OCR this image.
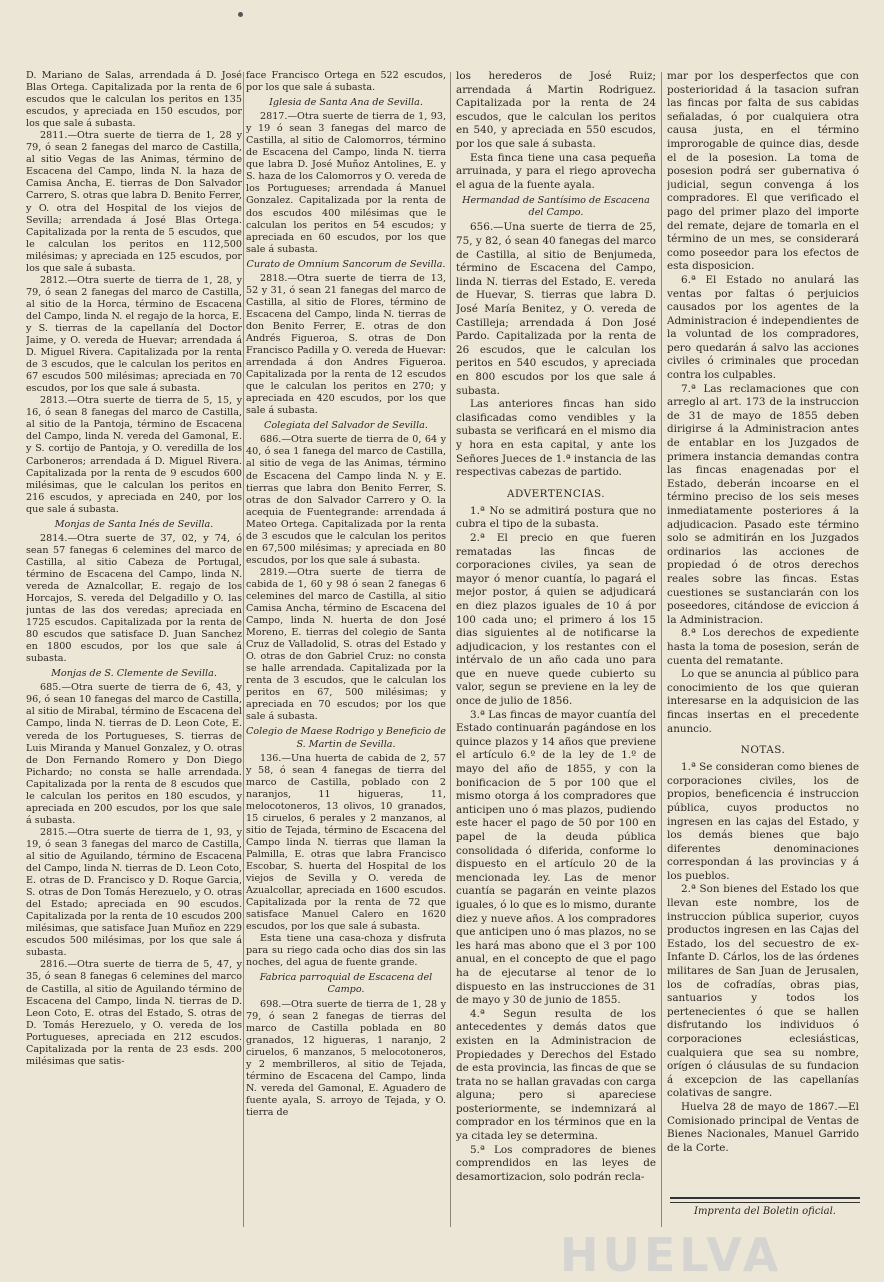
D. Mariano de Salas, arrendada á D. José Blas Ortega. Capitalizada por la renta de 6 escudos que le calculan los peritos en 135 escudos, y apreciada en 150 escudos, por los que sale á subasta.

2811.—Otra suerte de tierra de 1, 28 y 79, ó sean 2 fanegas del marco de Castilla, al sitio Vegas de las Animas, término de Escacena del Campo, linda N. la haza de Camisa Ancha, E. tierras de Don Salvador Carrero, S. otras que labra D. Benito Ferrer, y O. otra del Hospital de los viejos de Sevilla; arrendada á José Blas Ortega. Capitalizada por la renta de 5 escudos, que le calculan los peritos en 112,500 milésimas; y apreciada en 125 escudos, por los que sale á subasta.

2812.—Otra suerte de tierra de 1, 28, y 79, ó sean 2 fanegas del marco de Castilla, al sitio de la Horca, término de Escacena del Campo, linda N. el regajo de la horca, E. y S. tierras de la capellanía del Doctor Jaime, y O. vereda de Huevar; arrendada á D. Miguel Rivera. Capitalizada por la renta de 3 escudos, que le calculan los peritos en 67 escudos 500 milésimas; apreciada en 70 escudos, por los que sale á subasta.

2813.—Otra suerte de tierra de 5, 15, y 16, ó sean 8 fanegas del marco de Castilla, al sitio de la Pantoja, término de Escacena del Campo, linda N. vereda del Gamonal, E. y S. cortijo de Pantoja, y O. veredilla de los Carboneros; arrendada á D. Miguel Rivera. Capitalizada por la renta de 9 escudos 600 milésimas, que le calculan los peritos en 216 escudos, y apreciada en 240, por los que sale á subasta.

Monjas de Santa Inés de Sevilla.

2814.—Otra suerte de 37, 02, y 74, ó sean 57 fanegas 6 celemines del marco de Castilla, al sitio Cabeza de Portugal, término de Escacena del Campo, linda N. vereda de Aznalcollar, E. regajo de los Horcajos, S. vereda del Delgadillo y O. las juntas de las dos veredas; apreciada en 1725 escudos. Capitalizada por la renta de 80 escudos que satisface D. Juan Sanchez en 1800 escudos, por los que sale á subasta.

Monjas de S. Clemente de Sevilla.

685.—Otra suerte de tierra de 6, 43, y 96, ó sean 10 fanegas del marco de Castilla, al sitio de Mirabal, término de Escacena del Campo, linda N. tierras de D. Leon Cote, E. vereda de los Portugueses, S. tierras de Luis Miranda y Manuel Gonzalez, y O. otras de Don Fernando Romero y Don Diego Pichardo; no consta se halle arrendada. Capitalizada por la renta de 8 escudos que le calculan los peritos en 180 escudos, y apreciada en 200 escudos, por los que sale á subasta.

2815.—Otra suerte de tierra de 1, 93, y 19, ó sean 3 fanegas del marco de Castilla, al sitio de Aguilando, término de Escacena del Campo, linda N. tierras de D. Leon Coto, E. otras de D. Francisco y D. Roque Garcia, S. otras de Don Tomás Herezuelo, y O. otras del Estado; apreciada en 90 escudos. Capitalizada por la renta de 10 escudos 200 milésimas, que satisface Juan Muñoz en 229 escudos 500 milésimas, por los que sale á subasta.

2816.—Otra suerte de tierra de 5, 47, y 35, ó sean 8 fanegas 6 celemines del marco de Castilla, al sitio de Aguilando término de Escacena del Campo, linda N. tierras de D. Leon Coto, E. otras del Estado, S. otras de D. Tomás Herezuelo, y O. vereda de los Portugueses, apreciada en 212 escudos. Capitalizada por la renta de 23 esds. 200 milésimas que satis-

face Francisco Ortega en 522 escudos, por los que sale á subasta.

Iglesia de Santa Ana de Sevilla.

2817.—Otra suerte de tierra de 1, 93, y 19 ó sean 3 fanegas del marco de Castilla, al sitio de Calomorros, término de Escacena del Campo, linda N. tierra que labra D. José Muñoz Antolines, E. y S. haza de los Calomorros y O. vereda de los Portugueses; arrendada á Manuel Gonzalez. Capitalizada por la renta de dos escudos 400 milésimas que le calculan los peritos en 54 escudos; y apreciada en 60 escudos, por los que sale á subasta.

Curato de Omnium Sancorum de Sevilla.

2818.—Otra suerte de tierra de 13, 52 y 31, ó sean 21 fanegas del marco de Castilla, al sitio de Flores, término de Escacena del Campo, linda N. tierras de don Benito Ferrer, E. otras de don Andrés Figueroa, S. otras de Don Francisco Padilla y O. vereda de Huevar: arrendada á don Andres Figueroa. Capitalizada por la renta de 12 escudos que le calculan los peritos en 270; y apreciada en 420 escudos, por los que sale á subasta.

Colegiata del Salvador de Sevilla.

686.—Otra suerte de tierra de 0, 64 y 40, ó sea 1 fanega del marco de Castilla, al sitio de vega de las Animas, término de Escacena del Campo linda N. y E. tierras que labra don Benito Ferrer, S. otras de don Salvador Carrero y O. la acequia de Fuentegrande: arrendada á Mateo Ortega. Capitalizada por la renta de 3 escudos que le calculan los peritos en 67,500 milésimas; y apreciada en 80 escudos, por los que sale á subasta.

2819.—Otra suerte de tierra de cabida de 1, 60 y 98 ó sean 2 fanegas 6 celemines del marco de Castilla, al sitio Camisa Ancha, término de Escacena del Campo, linda N. huerta de don José Moreno, E. tierras del colegio de Santa Cruz de Valladolid, S. otras del Estado y O. otras de don Gabriel Cruz: no consta se halle arrendada. Capitalizada por la renta de 3 escudos, que le calculan los peritos en 67, 500 milésimas; y apreciada en 70 escudos; por los que sale á subasta.

Colegio de Maese Rodrigo y Beneficio de S. Martin de Sevilla.

136.—Una huerta de cabida de 2, 57 y 58, ó sean 4 fanegas de tierra del marco de Castilla, poblado con 2 naranjos, 11 higueras, 11, melocotoneros, 13 olivos, 10 granados, 15 ciruelos, 6 perales y 2 manzanos, al sitio de Tejada, término de Escacena del Campo linda N. tierras que llaman la Palmilla, E. otras que labra Francisco Escobar, S. huerta del Hospital de los viejos de Sevilla y O. vereda de Azualcollar, apreciada en 1600 escudos. Capitalizada por la renta de 72 que satisface Manuel Calero en 1620 escudos, por los que sale á subasta.

Esta tiene una casa-choza y disfruta para su riego cada ocho dias dos sin las noches, del agua de fuente grande.

Fabrica parroquial de Escacena del Campo.

698.—Otra suerte de tierra de 1, 28 y 79, ó sean 2 fanegas de tierras del marco de Castilla poblada en 80 granados, 12 higueras, 1 naranjo, 2 ciruelos, 6 manzanos, 5 melocotoneros, y 2 membrilleros, al sitio de Tejada, término de Escacena del Campo, linda N. vereda del Gamonal, E. Aguadero de fuente ayala, S. arroyo de Tejada, y O. tierra de

los herederos de José Ruiz; arrendada á Martin Rodriguez. Capitalizada por la renta de 24 escudos, que le calculan los peritos en 540, y apreciada en 550 escudos, por los que sale á subasta.

Esta finca tiene una casa pequeña arruinada, y para el riego aprovecha el agua de la fuente ayala.

Hermandad de Santísimo de Escacena del Campo.

656.—Una suerte de tierra de 25, 75, y 82, ó sean 40 fanegas del marco de Castilla, al sitio de Benjumeda, término de Escacena del Campo, linda N. tierras del Estado, E. vereda de Huevar, S. tierras que labra D. José María Benitez, y O. vereda de Castilleja; arrendada á Don José Pardo. Capitalizada por la renta de 26 escudos, que le calculan los peritos en 540 escudos, y apreciada en 800 escudos por los que sale á subasta.

Las anteriores fincas han sido clasificadas como vendibles y la subasta se verificará en el mismo dia y hora en esta capital, y ante los Señores Jueces de 1.ª instancia de las respectivas cabezas de partido.

ADVERTENCIAS.

1.ª No se admitirá postura que no cubra el tipo de la subasta.

2.ª El precio en que fueren rematadas las fincas de corporaciones civiles, ya sean de mayor ó menor cuantía, lo pagará el mejor postor, á quien se adjudicará en diez plazos iguales de 10 á por 100 cada uno; el primero á los 15 dias siguientes al de notificarse la adjudicacion, y los restantes con el intérvalo de un año cada uno para que en nueve quede cubierto su valor, segun se previene en la ley de once de julio de 1856.

3.ª Las fincas de mayor cuantía del Estado continuarán pagándose en los quince plazos y 14 años que previene el artículo 6.º de la ley de 1.º de mayo del año de 1855, y con la bonificacion de 5 por 100 que el mismo otorga á los compradores que anticipen uno ó mas plazos, pudiendo este hacer el pago de 50 por 100 en papel de la deuda pública consolidada ó diferida, conforme lo dispuesto en el artículo 20 de la mencionada ley. Las de menor cuantía se pagarán en veinte plazos iguales, ó lo que es lo mismo, durante diez y nueve años. A los compradores que anticipen uno ó mas plazos, no se les hará mas abono que el 3 por 100 anual, en el concepto de que el pago ha de ejecutarse al tenor de lo dispuesto en las instrucciones de 31 de mayo y 30 de junio de 1855.

4.ª Segun resulta de los antecedentes y demás datos que existen en la Administracion de Propiedades y Derechos del Estado de esta provincia, las fincas de que se trata no se hallan gravadas con carga alguna; pero si apareciese posteriormente, se indemnizará al comprador en los términos que en la ya citada ley se determina.

5.ª Los compradores de bienes comprendidos en las leyes de desamortizacion, solo podrán recla-

mar por los desperfectos que con posterioridad á la tasacion sufran las fincas por falta de sus cabidas señaladas, ó por cualquiera otra causa justa, en el término improrogable de quince dias, desde el de la posesion. La toma de posesion podrá ser gubernativa ó judicial, segun convenga á los compradores. El que verificado el pago del primer plazo del importe del remate, dejare de tomarla en el término de un mes, se considerará como poseedor para los efectos de esta disposicion.

6.ª El Estado no anulará las ventas por faltas ó perjuicios causados por los agentes de la Administracion é independientes de la voluntad de los compradores, pero quedarán á salvo las acciones civiles ó criminales que procedan contra los culpables.

7.ª Las reclamaciones que con arreglo al art. 173 de la instruccion de 31 de mayo de 1855 deben dirigirse á la Administracion antes de entablar en los Juzgados de primera instancia demandas contra las fincas enagenadas por el Estado, deberán incoarse en el término preciso de los seis meses inmediatamente posteriores á la adjudicacion. Pasado este término solo se admitirán en los Juzgados ordinarios las acciones de propiedad ó de otros derechos reales sobre las fincas. Estas cuestiones se sustanciarán con los poseedores, citándose de eviccion á la Administracion.

8.ª Los derechos de expediente hasta la toma de posesion, serán de cuenta del rematante.

Lo que se anuncia al público para conocimiento de los que quieran interesarse en la adquisicion de las fincas insertas en el precedente anuncio.

NOTAS.

1.ª Se consideran como bienes de corporaciones civiles, los de propios, beneficencia é instruccion pública, cuyos productos no ingresen en las cajas del Estado, y los demás bienes que bajo diferentes denominaciones correspondan á las provincias y á los pueblos.

2.ª Son bienes del Estado los que llevan este nombre, los de instruccion pública superior, cuyos productos ingresen en las Cajas del Estado, los del secuestro de ex-Infante D. Cárlos, los de las órdenes militares de San Juan de Jerusalen, los de cofradías, obras pias, santuarios y todos los pertenecientes ó que se hallen disfrutando los individuos ó corporaciones eclesiásticas, cualquiera que sea su nombre, orígen ó cláusulas de su fundacion á excepcion de las capellanías colativas de sangre.

Huelva 28 de mayo de 1867.—El Comisionado principal de Ventas de Bienes Nacionales, Manuel Garrido de la Corte.

Imprenta del Boletin oficial.
HUELVA
